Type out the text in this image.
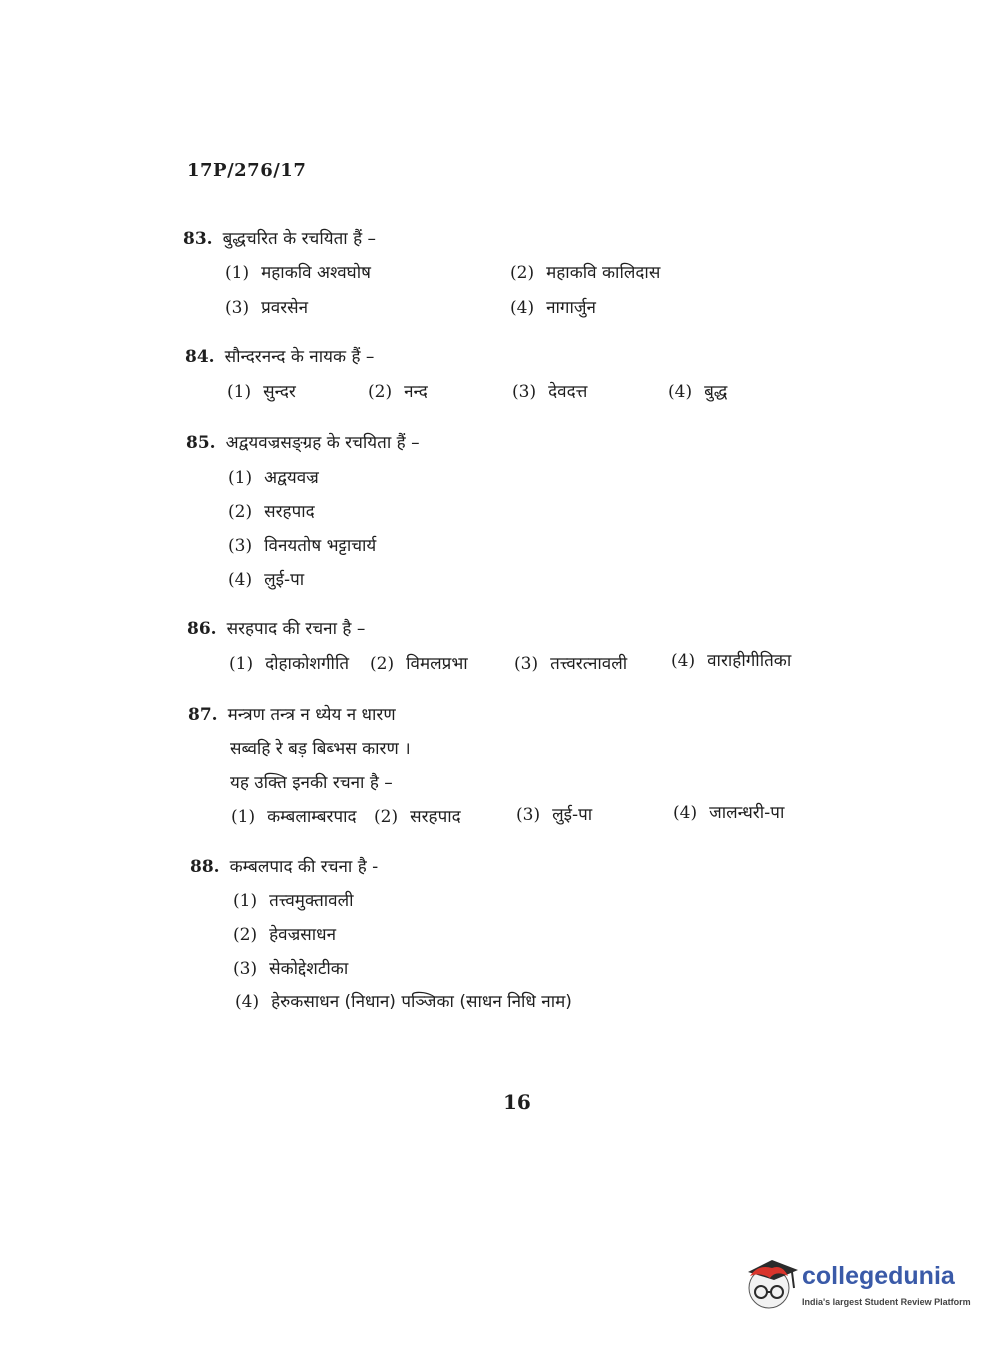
17P/276/17
83. बुद्धचरित के रचयिता हैं –
(1) महाकवि अश्वघोष	(2) महाकवि कालिदास
(3) प्रवरसेन	(4) नागार्जुन
84. सौन्दरनन्द के नायक हैं –
(1) सुन्दर	(2) नन्द	(3) देवदत्त	(4) बुद्ध
85. अद्वयवज्रसङ्ग्रह के रचयिता हैं –
(1) अद्वयवज्र
(2) सरहपाद
(3) विनयतोष भट्टाचार्य
(4) लुई-पा
86. सरहपाद की रचना है –
(1) दोहाकोशगीति (2) विमलप्रभा	(3) तत्त्वरत्नावली	(4) वाराहीगीतिका
87. मन्त्रण तन्त्र न ध्येय न धारण
सब्वहि रे बड़ बिब्भस कारण ।
यह उक्ति इनकी रचना है –
(1) कम्बलाम्बरपाद (2) सरहपाद	(3) लुई-पा	(4) जालन्धरी-पा
88. कम्बलपाद की रचना है -
(1) तत्त्वमुक्तावली
(2) हेवज्रसाधन
(3) सेकोद्देशटीका
(4) हेरुकसाधन (निधान) पञ्जिका (साधन निधि नाम)
16
collegedunia
India's largest Student Review Platform
